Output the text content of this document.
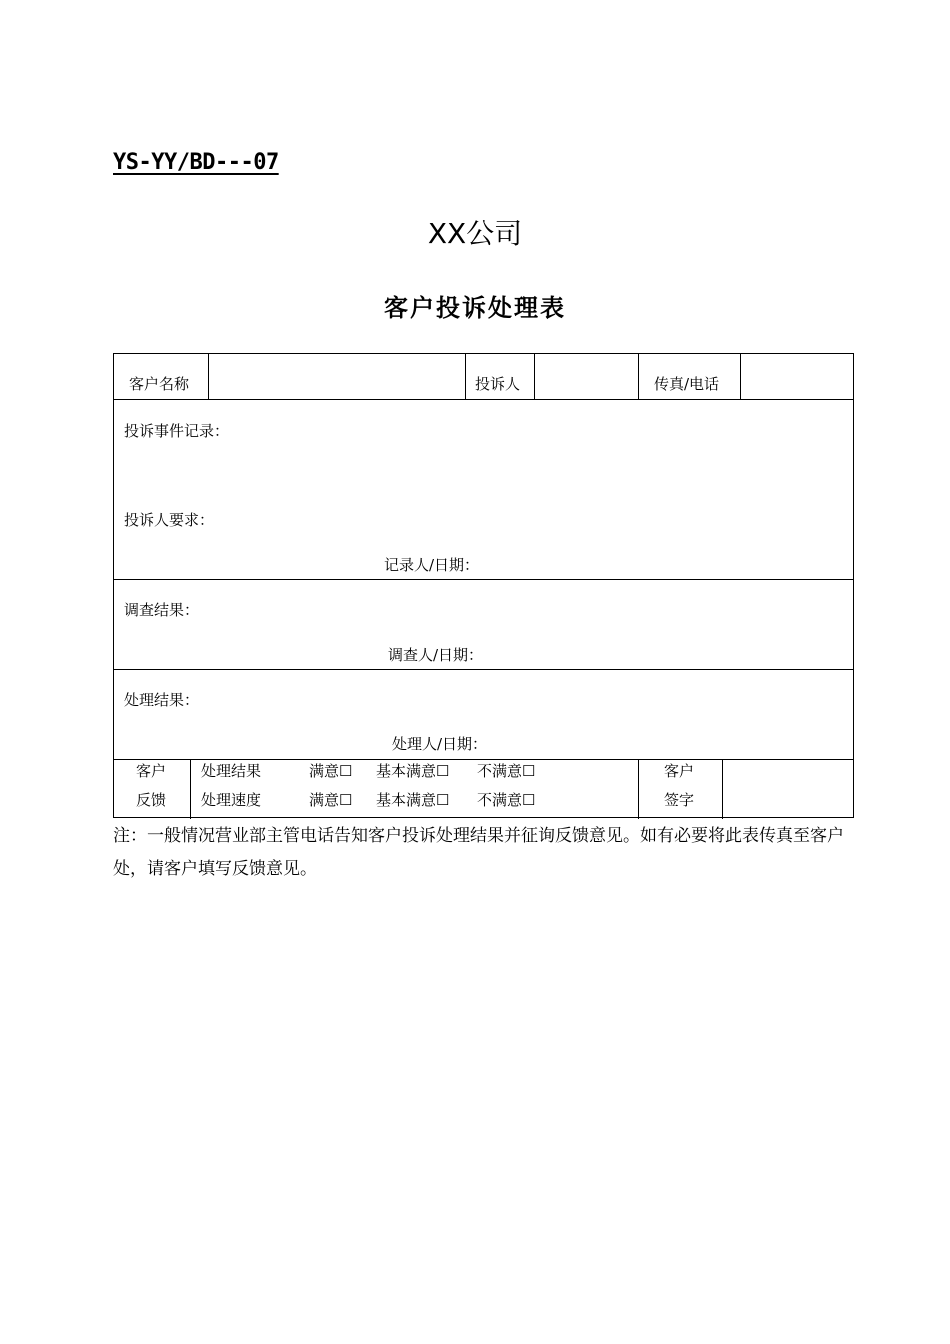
YS-YY/BD---07
XX公司
客户投诉处理表
客户名称	投诉人	传真/电话
投诉事件记录：
投诉人要求：
记录人/日期：
调查结果：
调查人/日期：
处理结果：
处理人/日期：
客户
反馈
处理结果	满意☐ 基本满意☐ 不满意☐
处理速度	满意☐ 基本满意☐ 不满意☐
客户
签字
注：一般情况营业部主管电话告知客户投诉处理结果并征询反馈意见。如有必要将此表传真至客户处，请客户填写反馈意见。
